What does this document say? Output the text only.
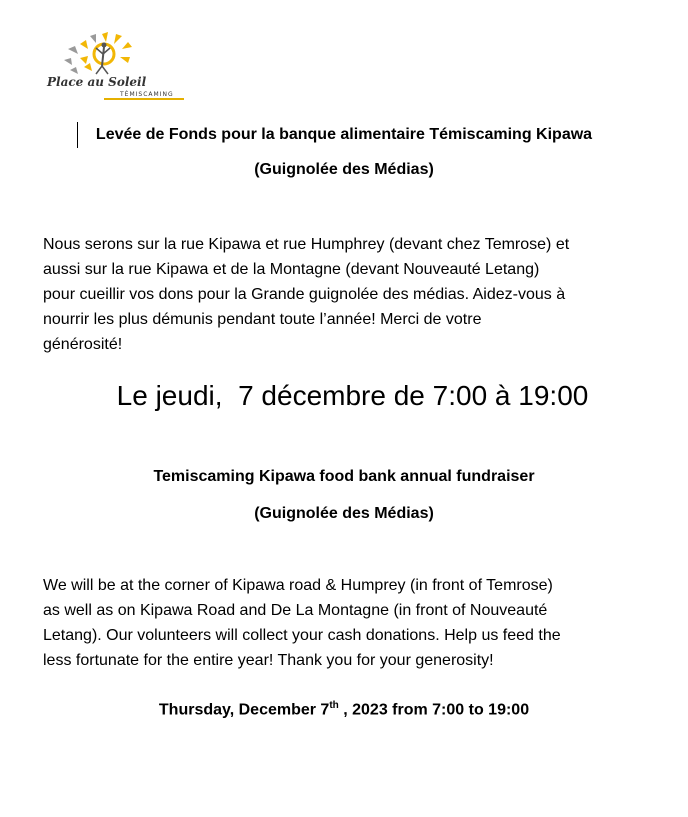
Place au Soleil
TÉMISCAMING
Levée de Fonds pour la banque alimentaire Témiscaming Kipawa
(Guignolée des Médias)
Nous serons sur la rue Kipawa et rue Humphrey (devant chez Temrose) et
aussi sur la rue Kipawa et de la Montagne (devant Nouveauté Letang)
pour cueillir vos dons pour la Grande guignolée des médias. Aidez-vous à
nourrir les plus démunis pendant toute l’année! Merci de votre
générosité!
Le jeudi,  7 décembre de 7:00 à 19:00
Temiscaming Kipawa food bank annual fundraiser
(Guignolée des Médias)
We will be at the corner of Kipawa road & Humprey (in front of Temrose)
as well as on Kipawa Road and De La Montagne (in front of Nouveauté
Letang). Our volunteers will collect your cash donations. Help us feed the
less fortunate for the entire year! Thank you for your generosity!
Thursday, December 7th , 2023 from 7:00 to 19:00
